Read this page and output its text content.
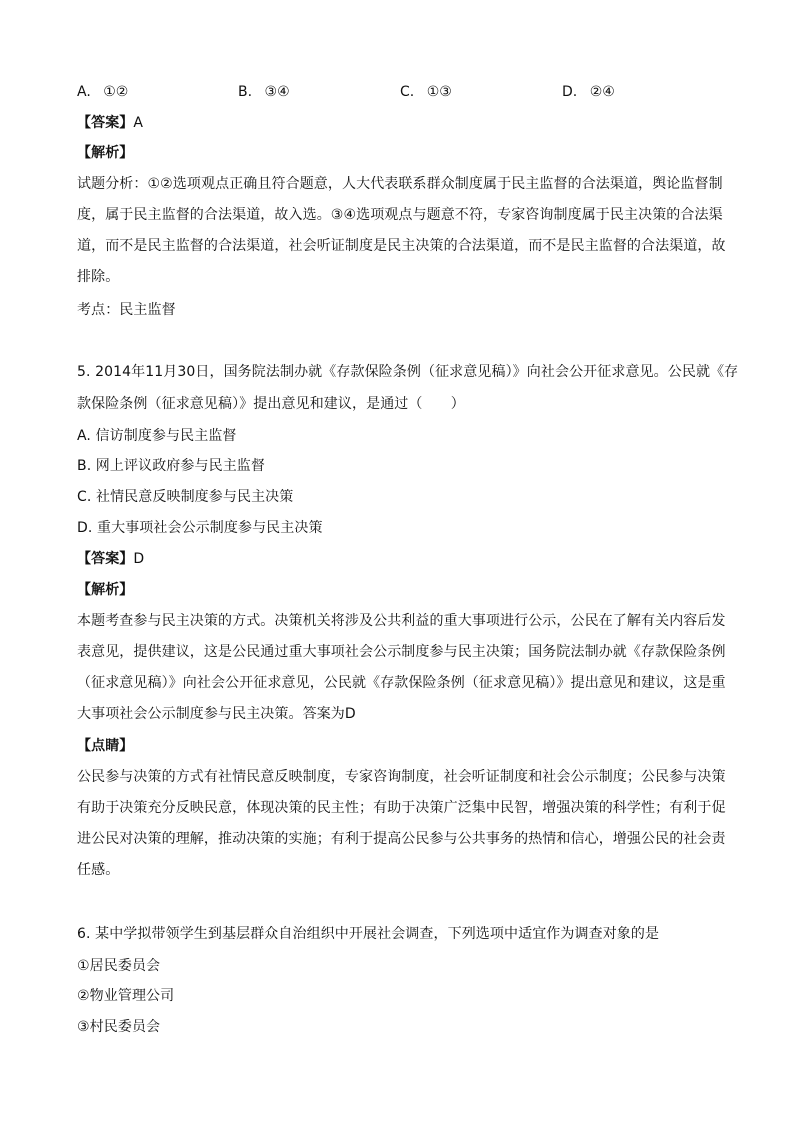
A. ①②	B. ③④	C. ①③	D. ②④
【答案】A
【解析】
试题分析：①②选项观点正确且符合题意，人大代表联系群众制度属于民主监督的合法渠道，舆论监督制
度，属于民主监督的合法渠道，故入选。③④选项观点与题意不符，专家咨询制度属于民主决策的合法渠
道，而不是民主监督的合法渠道，社会听证制度是民主决策的合法渠道，而不是民主监督的合法渠道，故
排除。
考点：民主监督
5. 2014年11月30日，国务院法制办就《存款保险条例（征求意见稿）》向社会公开征求意见。公民就《存
款保险条例（征求意见稿）》提出意见和建议，是通过（　　）
A. 信访制度参与民主监督
B. 网上评议政府参与民主监督
C. 社情民意反映制度参与民主决策
D. 重大事项社会公示制度参与民主决策
【答案】D
【解析】
本题考查参与民主决策的方式。决策机关将涉及公共利益的重大事项进行公示，公民在了解有关内容后发
表意见，提供建议，这是公民通过重大事项社会公示制度参与民主决策；国务院法制办就《存款保险条例
（征求意见稿）》向社会公开征求意见，公民就《存款保险条例（征求意见稿）》提出意见和建议，这是重
大事项社会公示制度参与民主决策。答案为D
【点睛】
公民参与决策的方式有社情民意反映制度，专家咨询制度，社会听证制度和社会公示制度；公民参与决策
有助于决策充分反映民意，体现决策的民主性；有助于决策广泛集中民智，增强决策的科学性；有利于促
进公民对决策的理解，推动决策的实施；有利于提高公民参与公共事务的热情和信心，增强公民的社会责
任感。
6. 某中学拟带领学生到基层群众自治组织中开展社会调查，下列选项中适宜作为调查对象的是
①居民委员会
②物业管理公司
③村民委员会
